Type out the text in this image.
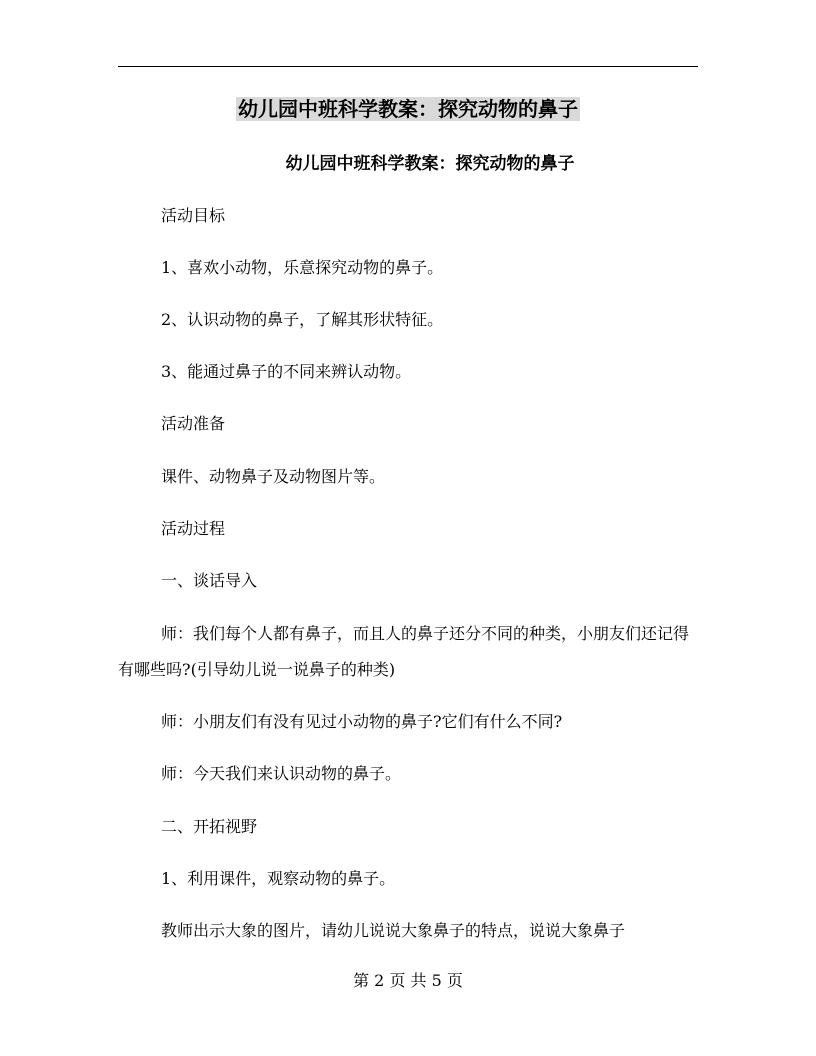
幼儿园中班科学教案：探究动物的鼻子
幼儿园中班科学教案：探究动物的鼻子
活动目标
1、喜欢小动物，乐意探究动物的鼻子。
2、认识动物的鼻子，了解其形状特征。
3、能通过鼻子的不同来辨认动物。
活动准备
课件、动物鼻子及动物图片等。
活动过程
一、谈话导入
师：我们每个人都有鼻子，而且人的鼻子还分不同的种类，小朋友们还记得有哪些吗?(引导幼儿说一说鼻子的种类)
师：小朋友们有没有见过小动物的鼻子?它们有什么不同?
师：今天我们来认识动物的鼻子。
二、开拓视野
1、利用课件，观察动物的鼻子。
教师出示大象的图片，请幼儿说说大象鼻子的特点，说说大象鼻子
第 2 页 共 5 页
